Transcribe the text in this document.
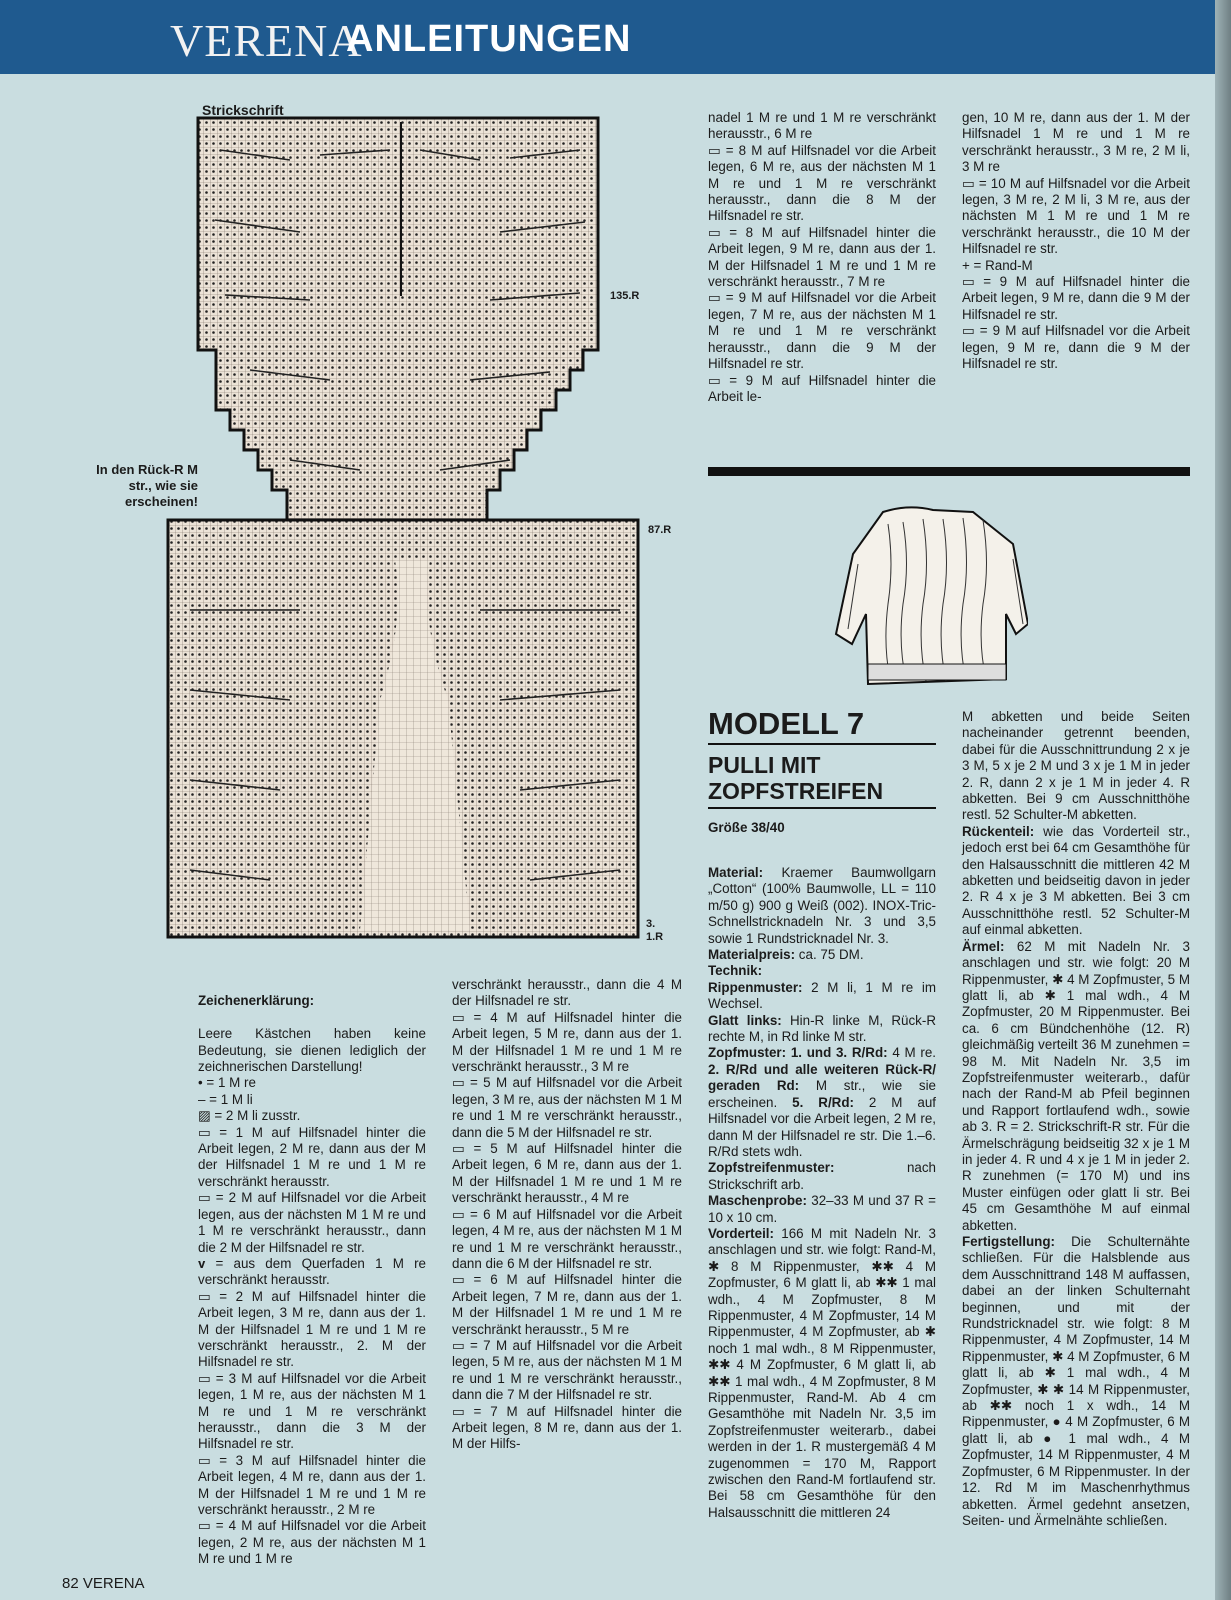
VERENA
ANLEITUNGEN
Strickschrift
In den Rück-R M str., wie sie erscheinen!
135.R
87.R
3.
1.R

Zeichenerklärung:

Leere Kästchen haben keine Bedeutung, sie dienen lediglich der zeichnerischen Darstellung!
• = 1 M re
– = 1 M li
▨ = 2 M li zusstr.
▭ = 1 M auf Hilfsnadel hinter die Arbeit legen, 2 M re, dann aus der M der Hilfsnadel 1 M re und 1 M re verschränkt herausstr.
▭ = 2 M auf Hilfsnadel vor die Arbeit legen, aus der nächsten M 1 M re und 1 M re verschränkt herausstr., dann die 2 M der Hilfsnadel re str.
𝐯 = aus dem Querfaden 1 M re verschränkt herausstr.
▭ = 2 M auf Hilfsnadel hinter die Arbeit legen, 3 M re, dann aus der 1. M der Hilfsnadel 1 M re und 1 M re verschränkt herausstr., 2. M der Hilfsnadel re str.
▭ = 3 M auf Hilfsnadel vor die Arbeit legen, 1 M re, aus der nächsten M 1 M re und 1 M re verschränkt herausstr., dann die 3 M der Hilfsnadel re str.
▭ = 3 M auf Hilfsnadel hinter die Arbeit legen, 4 M re, dann aus der 1. M der Hilfsnadel 1 M re und 1 M re verschränkt herausstr., 2 M re
▭ = 4 M auf Hilfsnadel vor die Arbeit legen, 2 M re, aus der nächsten M 1 M re und 1 M re

verschränkt herausstr., dann die 4 M der Hilfsnadel re str.
▭ = 4 M auf Hilfsnadel hinter die Arbeit legen, 5 M re, dann aus der 1. M der Hilfsnadel 1 M re und 1 M re verschränkt herausstr., 3 M re
▭ = 5 M auf Hilfsnadel vor die Arbeit legen, 3 M re, aus der nächsten M 1 M re und 1 M re verschränkt herausstr., dann die 5 M der Hilfsnadel re str.
▭ = 5 M auf Hilfsnadel hinter die Arbeit legen, 6 M re, dann aus der 1. M der Hilfsnadel 1 M re und 1 M re verschränkt herausstr., 4 M re
▭ = 6 M auf Hilfsnadel vor die Arbeit legen, 4 M re, aus der nächsten M 1 M re und 1 M re verschränkt herausstr., dann die 6 M der Hilfsnadel re str.
▭ = 6 M auf Hilfsnadel hinter die Arbeit legen, 7 M re, dann aus der 1. M der Hilfsnadel 1 M re und 1 M re verschränkt herausstr., 5 M re
▭ = 7 M auf Hilfsnadel vor die Arbeit legen, 5 M re, aus der nächsten M 1 M re und 1 M re verschränkt herausstr., dann die 7 M der Hilfsnadel re str.
▭ = 7 M auf Hilfsnadel hinter die Arbeit legen, 8 M re, dann aus der 1. M der Hilfs-
nadel 1 M re und 1 M re verschränkt herausstr., 6 M re
▭ = 8 M auf Hilfsnadel vor die Arbeit legen, 6 M re, aus der nächsten M 1 M re und 1 M re verschränkt herausstr., dann die 8 M der Hilfsnadel re str.
▭ = 8 M auf Hilfsnadel hinter die Arbeit legen, 9 M re, dann aus der 1. M der Hilfsnadel 1 M re und 1 M re verschränkt herausstr., 7 M re
▭ = 9 M auf Hilfsnadel vor die Arbeit legen, 7 M re, aus der nächsten M 1 M re und 1 M re verschränkt herausstr., dann die 9 M der Hilfsnadel re str.
▭ = 9 M auf Hilfsnadel hinter die Arbeit le-
gen, 10 M re, dann aus der 1. M der Hilfsnadel 1 M re und 1 M re verschränkt herausstr., 3 M re, 2 M li, 3 M re
▭ = 10 M auf Hilfsnadel vor die Arbeit legen, 3 M re, 2 M li, 3 M re, aus der nächsten M 1 M re und 1 M re verschränkt herausstr., die 10 M der Hilfsnadel re str.
+ = Rand-M
▭ = 9 M auf Hilfsnadel hinter die Arbeit legen, 9 M re, dann die 9 M der Hilfsnadel re str.
▭ = 9 M auf Hilfsnadel vor die Arbeit legen, 9 M re, dann die 9 M der Hilfsnadel re str.
MODELL 7
PULLI MIT
ZOPFSTREIFEN
Größe 38/40
Material: Kraemer Baumwollgarn „Cotton“ (100% Baumwolle, LL = 110 m/50 g) 900 g Weiß (002). INOX-Tric-Schnellstricknadeln Nr. 3 und 3,5 sowie 1 Rundstricknadel Nr. 3.
Materialpreis: ca. 75 DM.
Technik:
Rippenmuster: 2 M li, 1 M re im Wechsel.
Glatt links: Hin-R linke M, Rück-R rechte M, in Rd linke M str.
Zopfmuster: 1. und 3. R/Rd: 4 M re. 2. R/Rd und alle weiteren Rück-R/ geraden Rd: M str., wie sie erscheinen. 5. R/Rd: 2 M auf Hilfsnadel vor die Arbeit legen, 2 M re, dann M der Hilfsnadel re str. Die 1.–6. R/Rd stets wdh.
Zopfstreifenmuster: nach Strickschrift arb.
Maschenprobe: 32–33 M und 37 R = 10 x 10 cm.
Vorderteil: 166 M mit Nadeln Nr. 3 anschlagen und str. wie folgt: Rand-M, ✱ 8 M Rippenmuster, ✱✱ 4 M Zopfmuster, 6 M glatt li, ab ✱✱ 1 mal wdh., 4 M Zopfmuster, 8 M Rippenmuster, 4 M Zopfmuster, 14 M Rippenmuster, 4 M Zopfmuster, ab ✱ noch 1 mal wdh., 8 M Rippenmuster, ✱✱ 4 M Zopfmuster, 6 M glatt li, ab ✱✱ 1 mal wdh., 4 M Zopfmuster, 8 M Rippenmuster, Rand-M. Ab 4 cm Gesamthöhe mit Nadeln Nr. 3,5 im Zopfstreifenmuster weiterarb., dabei werden in der 1. R mustergemäß 4 M zugenommen = 170 M, Rapport zwischen den Rand-M fortlaufend str. Bei 58 cm Gesamthöhe für den Halsausschnitt die mittleren 24
M abketten und beide Seiten nacheinander getrennt beenden, dabei für die Ausschnittrundung 2 x je 3 M, 5 x je 2 M und 3 x je 1 M in jeder 2. R, dann 2 x je 1 M in jeder 4. R abketten. Bei 9 cm Ausschnitthöhe restl. 52 Schulter-M abketten.
Rückenteil: wie das Vorderteil str., jedoch erst bei 64 cm Gesamthöhe für den Halsausschnitt die mittleren 42 M abketten und beidseitig davon in jeder 2. R 4 x je 3 M abketten. Bei 3 cm Ausschnitthöhe restl. 52 Schulter-M auf einmal abketten.
Ärmel: 62 M mit Nadeln Nr. 3 anschlagen und str. wie folgt: 20 M Rippenmuster, ✱ 4 M Zopfmuster, 5 M glatt li, ab ✱ 1 mal wdh., 4 M Zopfmuster, 20 M Rippenmuster. Bei ca. 6 cm Bündchenhöhe (12. R) gleichmäßig verteilt 36 M zunehmen = 98 M. Mit Nadeln Nr. 3,5 im Zopfstreifenmuster weiterarb., dafür nach der Rand-M ab Pfeil beginnen und Rapport fortlaufend wdh., sowie ab 3. R = 2. Strickschrift-R str. Für die Ärmelschrägung beidseitig 32 x je 1 M in jeder 4. R und 4 x je 1 M in jeder 2. R zunehmen (= 170 M) und ins Muster einfügen oder glatt li str. Bei 45 cm Gesamthöhe M auf einmal abketten.
Fertigstellung: Die Schulternähte schließen. Für die Halsblende aus dem Ausschnittrand 148 M auffassen, dabei an der linken Schulternaht beginnen, und mit der Rundstricknadel str. wie folgt: 8 M Rippenmuster, 4 M Zopfmuster, 14 M Rippenmuster, ✱ 4 M Zopfmuster, 6 M glatt li, ab ✱ 1 mal wdh., 4 M Zopfmuster, ✱ ✱ 14 M Rippenmuster, ab ✱✱ noch 1 x wdh., 14 M Rippenmuster, ● 4 M Zopfmuster, 6 M glatt li, ab ● 1 mal wdh., 4 M Zopfmuster, 14 M Rippenmuster, 4 M Zopfmuster, 6 M Rippenmuster. In der 12. Rd M im Maschenrhythmus abketten. Ärmel gedehnt ansetzen, Seiten- und Ärmelnähte schließen.
82 VERENA
